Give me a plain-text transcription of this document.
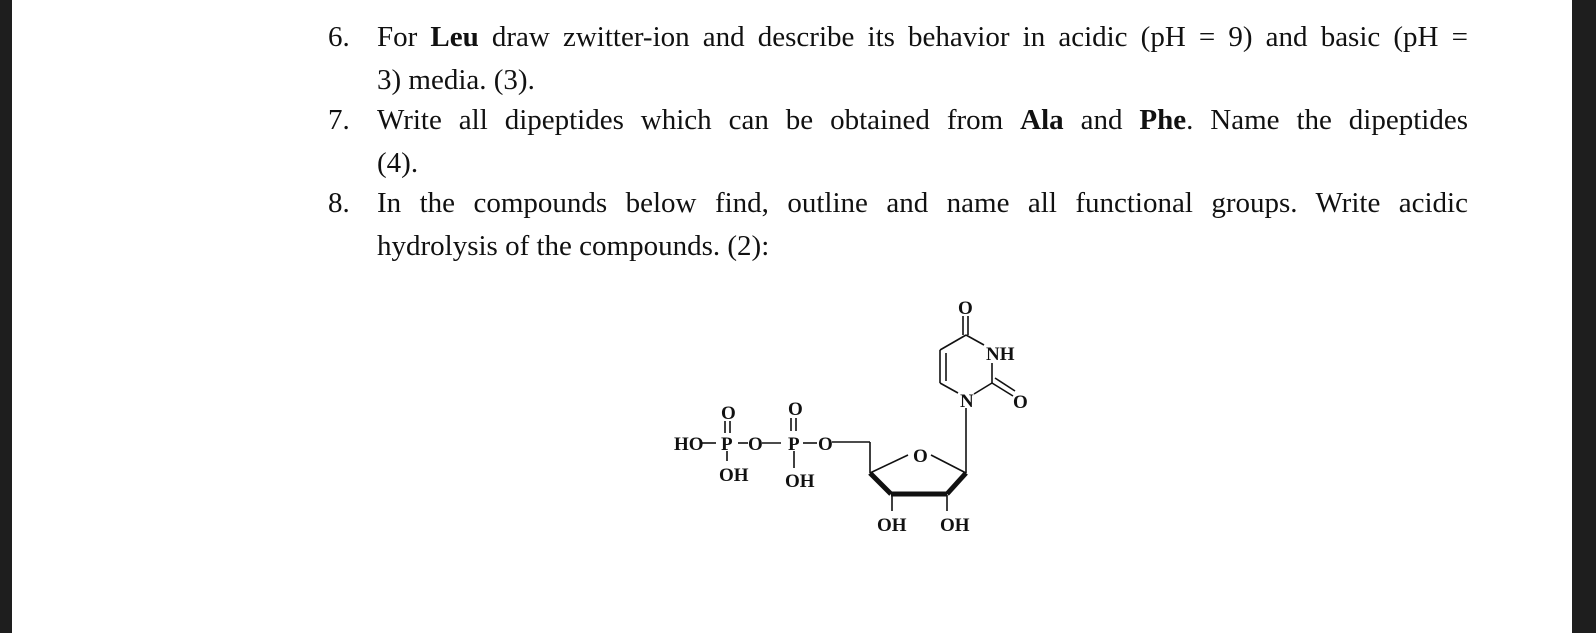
6. For Leu draw zwitter-ion and describe its behavior in acidic (pH = 9) and basic (pH =
3) media. (3).
7. Write all dipeptides which can be obtained from Ala and Phe. Name the dipeptides
(4).
8. In the compounds below find, outline and name all functional groups. Write acidic
hydrolysis of the compounds. (2):
HO P
O
O P
O
O
OH OH
O
OH OH
N
NH
O
O
